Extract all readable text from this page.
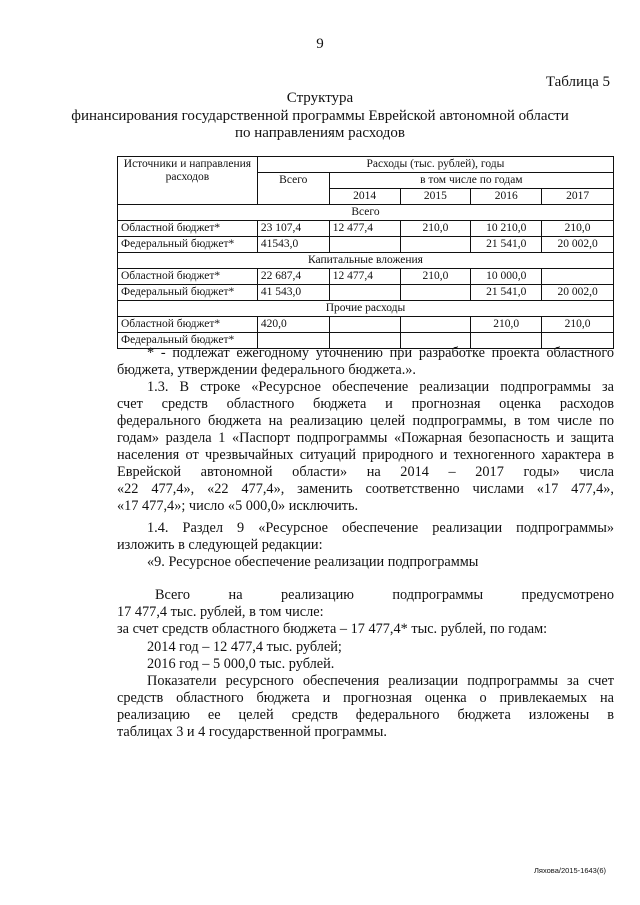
9
Таблица 5
Структура
финансирования государственной программы Еврейской автономной области
по направлениям расходов
Источники и направления расходов	Расходы (тыс. рублей), годы				
	Всего	в том числе по годам			
		2014	2015	2016	2017
Всего					
Областной бюджет*	23 107,4	12 477,4	210,0	10 210,0	210,0
Федеральный бюджет*	41543,0			21 541,0	20 002,0
Капитальные вложения					
Областной бюджет*	22 687,4	12 477,4	210,0	10 000,0	
Федеральный бюджет*	41 543,0			21 541,0	20 002,0
Прочие расходы					
Областной бюджет*	420,0			210,0	210,0
Федеральный бюджет*					
* - подлежат ежегодному уточнению при разработке проекта областного
бюджета, утверждении федерального бюджета.».
1.3. В строке «Ресурсное обеспечение реализации подпрограммы за
счет средств областного бюджета и прогнозная оценка расходов
федерального бюджета на реализацию целей подпрограммы, в том числе по
годам» раздела 1 «Паспорт подпрограммы «Пожарная безопасность и защита
населения от чрезвычайных ситуаций природного и техногенного характера в
Еврейской автономной области» на 2014 – 2017 годы» числа
«22 477,4», «22 477,4», заменить соответственно числами «17 477,4»,
«17 477,4»; число «5 000,0» исключить.
1.4. Раздел 9 «Ресурсное обеспечение реализации подпрограммы»
изложить в следующей редакции:
«9. Ресурсное обеспечение реализации подпрограммы
Всего на реализацию подпрограммы предусмотрено
17 477,4 тыс. рублей, в том числе:
за счет средств областного бюджета – 17 477,4* тыс. рублей, по годам:
2014 год – 12 477,4 тыс. рублей;
2016 год – 5 000,0 тыс. рублей.
Показатели ресурсного обеспечения реализации подпрограммы за счет
средств областного бюджета и прогнозная оценка о привлекаемых на
реализацию ее целей средств федерального бюджета изложены в
таблицах 3 и 4 государственной программы.
Ляхова/2015-1643(6)
